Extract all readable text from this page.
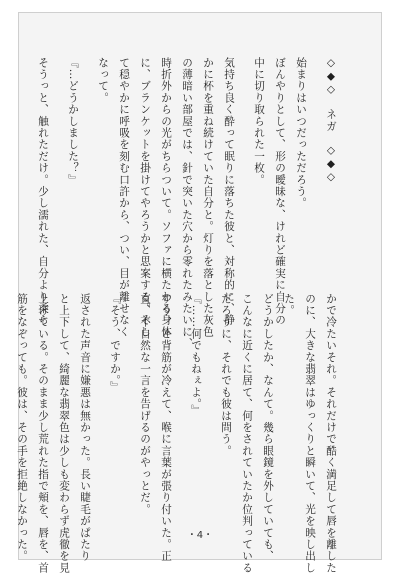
◇◆◇　ネガ　◇◆◇
始まりはいつだっただろう。
ぼんやりとして、形の曖昧な、けれど確実に自分の
中に切り取られた一枚。
気持ち良く酔って眠りに落ちた彼と、対称的に、静
かに杯を重ね続けていた自分と。灯りを落とした灰色
の薄暗い部屋では、針で突いた穴から零れたみたいに、
時折外からの光がちらついて。ソファに横たわる身体
に、ブランケットを掛けてやろうかと思案する。そし
て穏やかに呼吸を刻む口許から、つい、目が離せなく
なって。
『…どうかしました？』
そうっと、触れただけ。少し濡れた、自分より柔ら
かで冷たいそれ。それだけで酷く満足して唇を離した
のに、大きな翡翠はゆっくりと瞬いて、光を映し出し
た。
どうかしたか、なんて。幾ら眼鏡を外していても、
こんなに近くに居て、何をされていたか位判っている
だろうに、それでも彼は問う。
『……何でもねぇよ。』
すう、と背筋が冷えて、喉に言葉が張り付いた。正
直、不自然な一言を告げるのがやっとだ。
『そう、ですか。』
返された声音に嫌悪は無かった。長い睫毛がぱたり
と上下して、綺麗な翡翠色は少しも変わらず虎徹を見
上げている。そのまま少し荒れた指で頬を、唇を、首
筋をなぞっても。彼は、その手を拒絶しなかった。	・4・
